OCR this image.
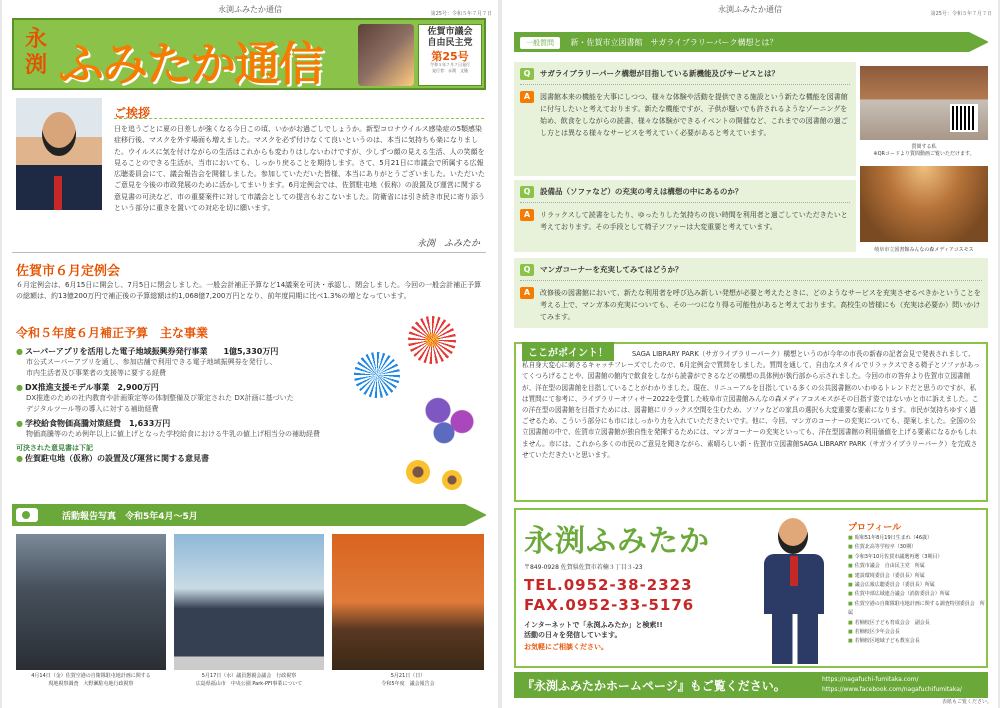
永渕ふみたか通信	第25号：令和５年７月７日
永渕 ふみたか通信
佐賀市議会
自由民主党
第25号
令和５年７月７日発行
発行者：永渕　文隆
ご挨拶
日を追うごとに夏の日差しが強くなる今日この頃、いかがお過ごしでしょうか。新型コロナウイルス感染症の5類感染症移行後、マスクを外す場面も増えました。マスクを必ず付けなくて良いというのは、本当に気持ちも楽になりました。ウイルスに気を付けながらの生活はこれからも変わりはしないわけですが、少しずつ顔の見える生活、人の笑顔を見ることのできる生活が、当市においても、しっかり戻ることを期待します。さて、5月21日に市議会で所属する広報広聴委員会にて、議会報告会を開催しました。参加していただいた皆様、本当にありがとうございました。いただいたご意見を今後の市政発展のために活かしてまいります。6月定例会では、佐賀駐屯地（仮称）の設置及び運営に関する意見書の可決など、市の重要案件に対して市議会としての提言もおこないました。防衛省には引き続き市民に寄り添うという部分に重きを置いての対応を切に願います。
永渕　ふみたか
佐賀市６月定例会
６月定例会は、6月15日に開会し、7月5日に閉会しました。一般会計補正予算など14議案を可決・承認し、閉会しました。今回の一般会計補正予算の総額は、約13億200万円で補正後の予算総額は約1,068億7,200万円となり、前年度同期に比べ1.3%の増となっています。
令和５年度６月補正予算　主な事業
● スーパーアプリを活用した電子地域振興券発行事業　　1億5,330万円
市公式スーパーアプリを通し、参加店舗で利用できる電子地域振興券を発行し、
市内生活者及び事業者の支援等に要する経費
● DX推進支援モデル事業　2,900万円
DX推進のための社内教育や計画策定等の体制整備及び策定された DX計画に基づいた
デジタルツール等の導入に対する補助経費
● 学校給食物価高騰対策経費　1,633万円
物価高騰等のため例年以上に値上げとなった学校給食における牛乳の値上げ相当分の補助経費
可決された意見書は下記
● 佐賀駐屯地（仮称）の設置及び運営に関する意見書
活動報告写真　令和5年4月～5月
4月14日（金）佐賀空港の自衛隊駐屯地計画に関する
現地視察調査　大野瀬駐屯地行政視察
5月17日（水）議員懇親会議会　行政視察
広島県福山市　中央公園 Park-PFI事業について
5月21日（日）
令和5年度　議会報告会
永渕ふみたか通信	第25号：令和５年７月７日
一般質問 新・佐賀市立図書館　サガライブラリーパーク構想とは？
Q	サガライブラリーパーク構想が目指している新機能及びサービスとは？
A	図書館本来の機能を大事にしつつ、様々な体験や活動を提供できる施設という新たな機能を図書館に付与したいと考えております。新たな機能ですが、子供が騒いでも許されるようなゾーニングを始め、飲食をしながらの読書、様々な体験ができるイベントの開催など、これまでの図書館の過ごし方とは異なる様々なサービスを考えていく必要があると考えています。
Q	設備品（ソファなど）の充実の考えは構想の中にあるのか？
A	リラックスして読書をしたり、ゆったりした気持ちの良い時間を利用者と過ごしていただきたいと考えております。その手段として椅子ソファーは大変重要と考えています。
Q	マンガコーナーを充実してみてはどうか？
A	改修後の図書館において、新たな利用者を呼び込み新しい発想が必要と考えたときに、どのようなサービスを充実させるべきかということを考える上で、マンガ本の充実についても、その一つになり得る可能性があると考えております。高校生の皆様にも（充実は必要か）問いかけてみます。
質問する私
※QRコードより質問動画ご覧いただけます。
岐阜市立図書館みんなの森メディアコスモス
ここがポイント！	SAGA LIBRARY PARK（サガライブラリーパーク）構想というのが今年の市長の新春の記者会見で発表されまして、私自身大変心に刺さるキャッチフレーズでしたので、6月定例会で質問をしました。質問を通して、自由なスタイルでリラックスできる椅子とソファがあってくつろげることや、図書館の館内で飲食をしながら読書ができるなどの構想の具体例が執行部から示されました。今回の市の答弁より佐賀市立図書館が、洋在型の図書館を目指していることがわかりました。現在、リニューアルを目指している多くの公共図書館のいわゆるトレンドだと思うのですが、私は質問にて参考に、ライブラリーオフィサー2022を受賞した岐阜市立図書館みんなの森メディアコスモスがその目指す姿ではないかと市に訴えました。この洋在型の図書館を目指すためには、図書館にリラックス空間を生むため、ソファなどの家具の選択も大変重要な要素になります。市民が気持ちゆすく過ごせるため、こういう部分にも市にはしっかり力を入れていただきたいです。他に、今回、マンガのコーナーの充実についても、提案しました。全国の公立図書館の中で、佐賀市立図書館が独自性を発揮するためには、マンガコーナーの充実といっても、洋在型図書館の利用価値を上げる要素になるかもしれません。市には、これから多くの市民のご意見を聞きながら、素晴らしい新・佐賀市立図書館SAGA LIBRARY PARK（サガライブラリーパーク）を完成させていただきたいと思います。
永渕ふみたか
〒849-0928 佐賀県佐賀市若楠３丁目３-23
TEL.0952-38-2323
FAX.0952-33-5176
インターネットで「永渕ふみたか」と検索!!
活動の日々を発信しています。
お気軽にご相談ください。
プロフィール
■ 昭和51年8月19日生まれ（46歳）
■ 佐賀北高等学校卒（30期）
■ 令和3年10月佐賀市議選再選（3期目）
■ 佐賀市議会　自由民主党　所属
■ 建設環境委員会（委員長）所属
■ 議会広報広聴委員会（委員長）所属
■ 佐賀中部広域連合議会（消防委員会）所属
■ 佐賀空港の自衛隊駐屯地計画に関する調査特別委員会　所属
■ 若楠校区子ども育成会会　副会長
■ 若楠校区少年会会長
■ 若楠校区地域子ども教室会長
『永渕ふみたかホームページ』もご覧ください。	https://nagafuchi-fumitaka.com/
https://www.facebook.com/nagafuchifumitaka/
表紙もご覧ください。
